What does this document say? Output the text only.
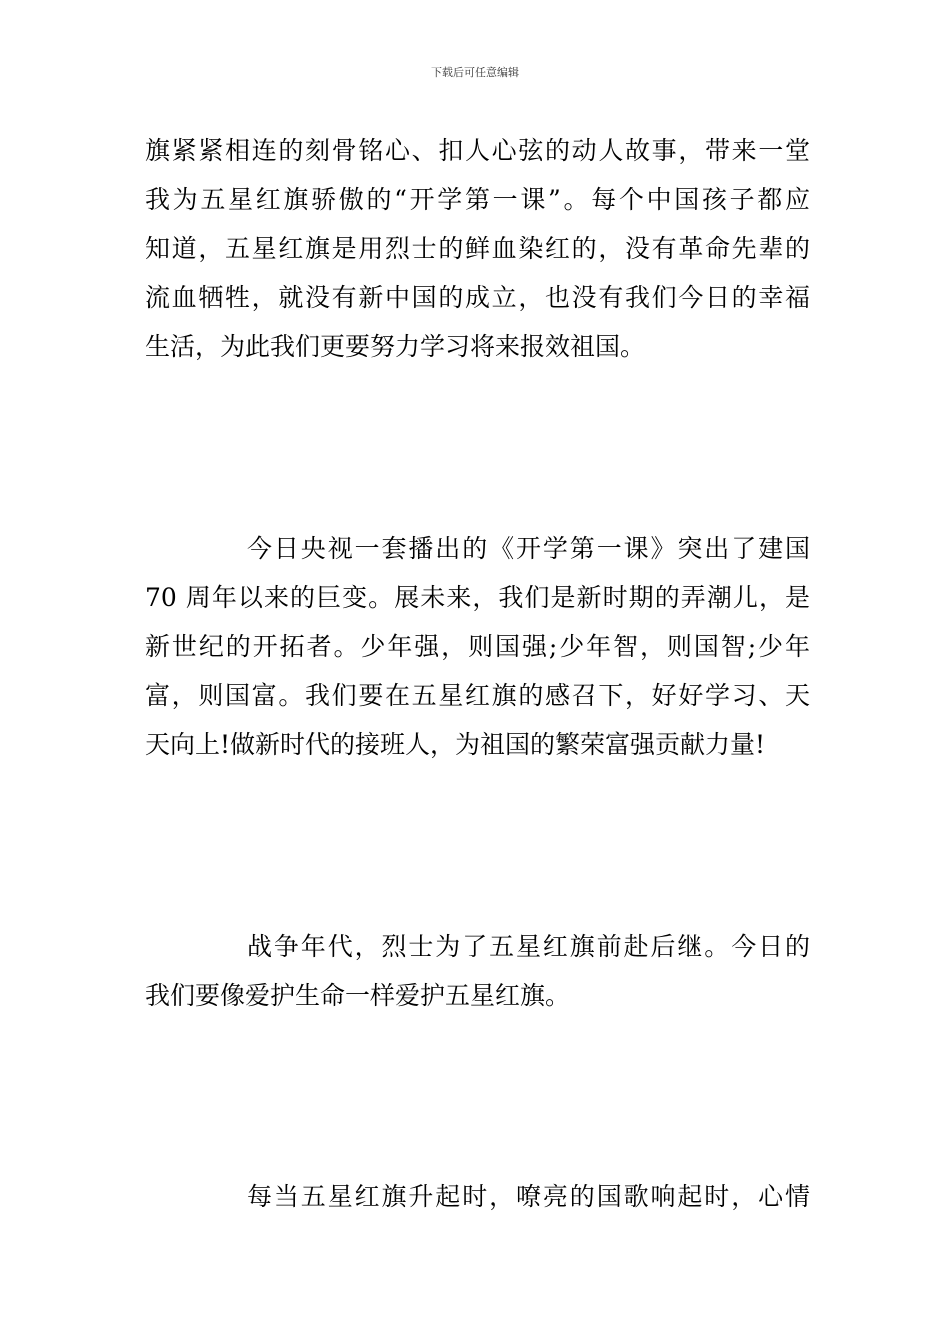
下载后可任意编辑
旗紧紧相连的刻骨铭心、扣人心弦的动人故事，带来一堂
我为五星红旗骄傲的“开学第一课”。每个中国孩子都应
知道，五星红旗是用烈士的鲜血染红的，没有革命先辈的
流血牺牲，就没有新中国的成立，也没有我们今日的幸福
生活，为此我们更要努力学习将来报效祖国。
今日央视一套播出的《开学第一课》突出了建国
70 周年以来的巨变。展未来，我们是新时期的弄潮儿，是
新世纪的开拓者。少年强，则国强;少年智，则国智;少年
富，则国富。我们要在五星红旗的感召下，好好学习、天
天向上!做新时代的接班人，为祖国的繁荣富强贡献力量!
战争年代，烈士为了五星红旗前赴后继。今日的
我们要像爱护生命一样爱护五星红旗。
每当五星红旗升起时，嘹亮的国歌响起时，心情
